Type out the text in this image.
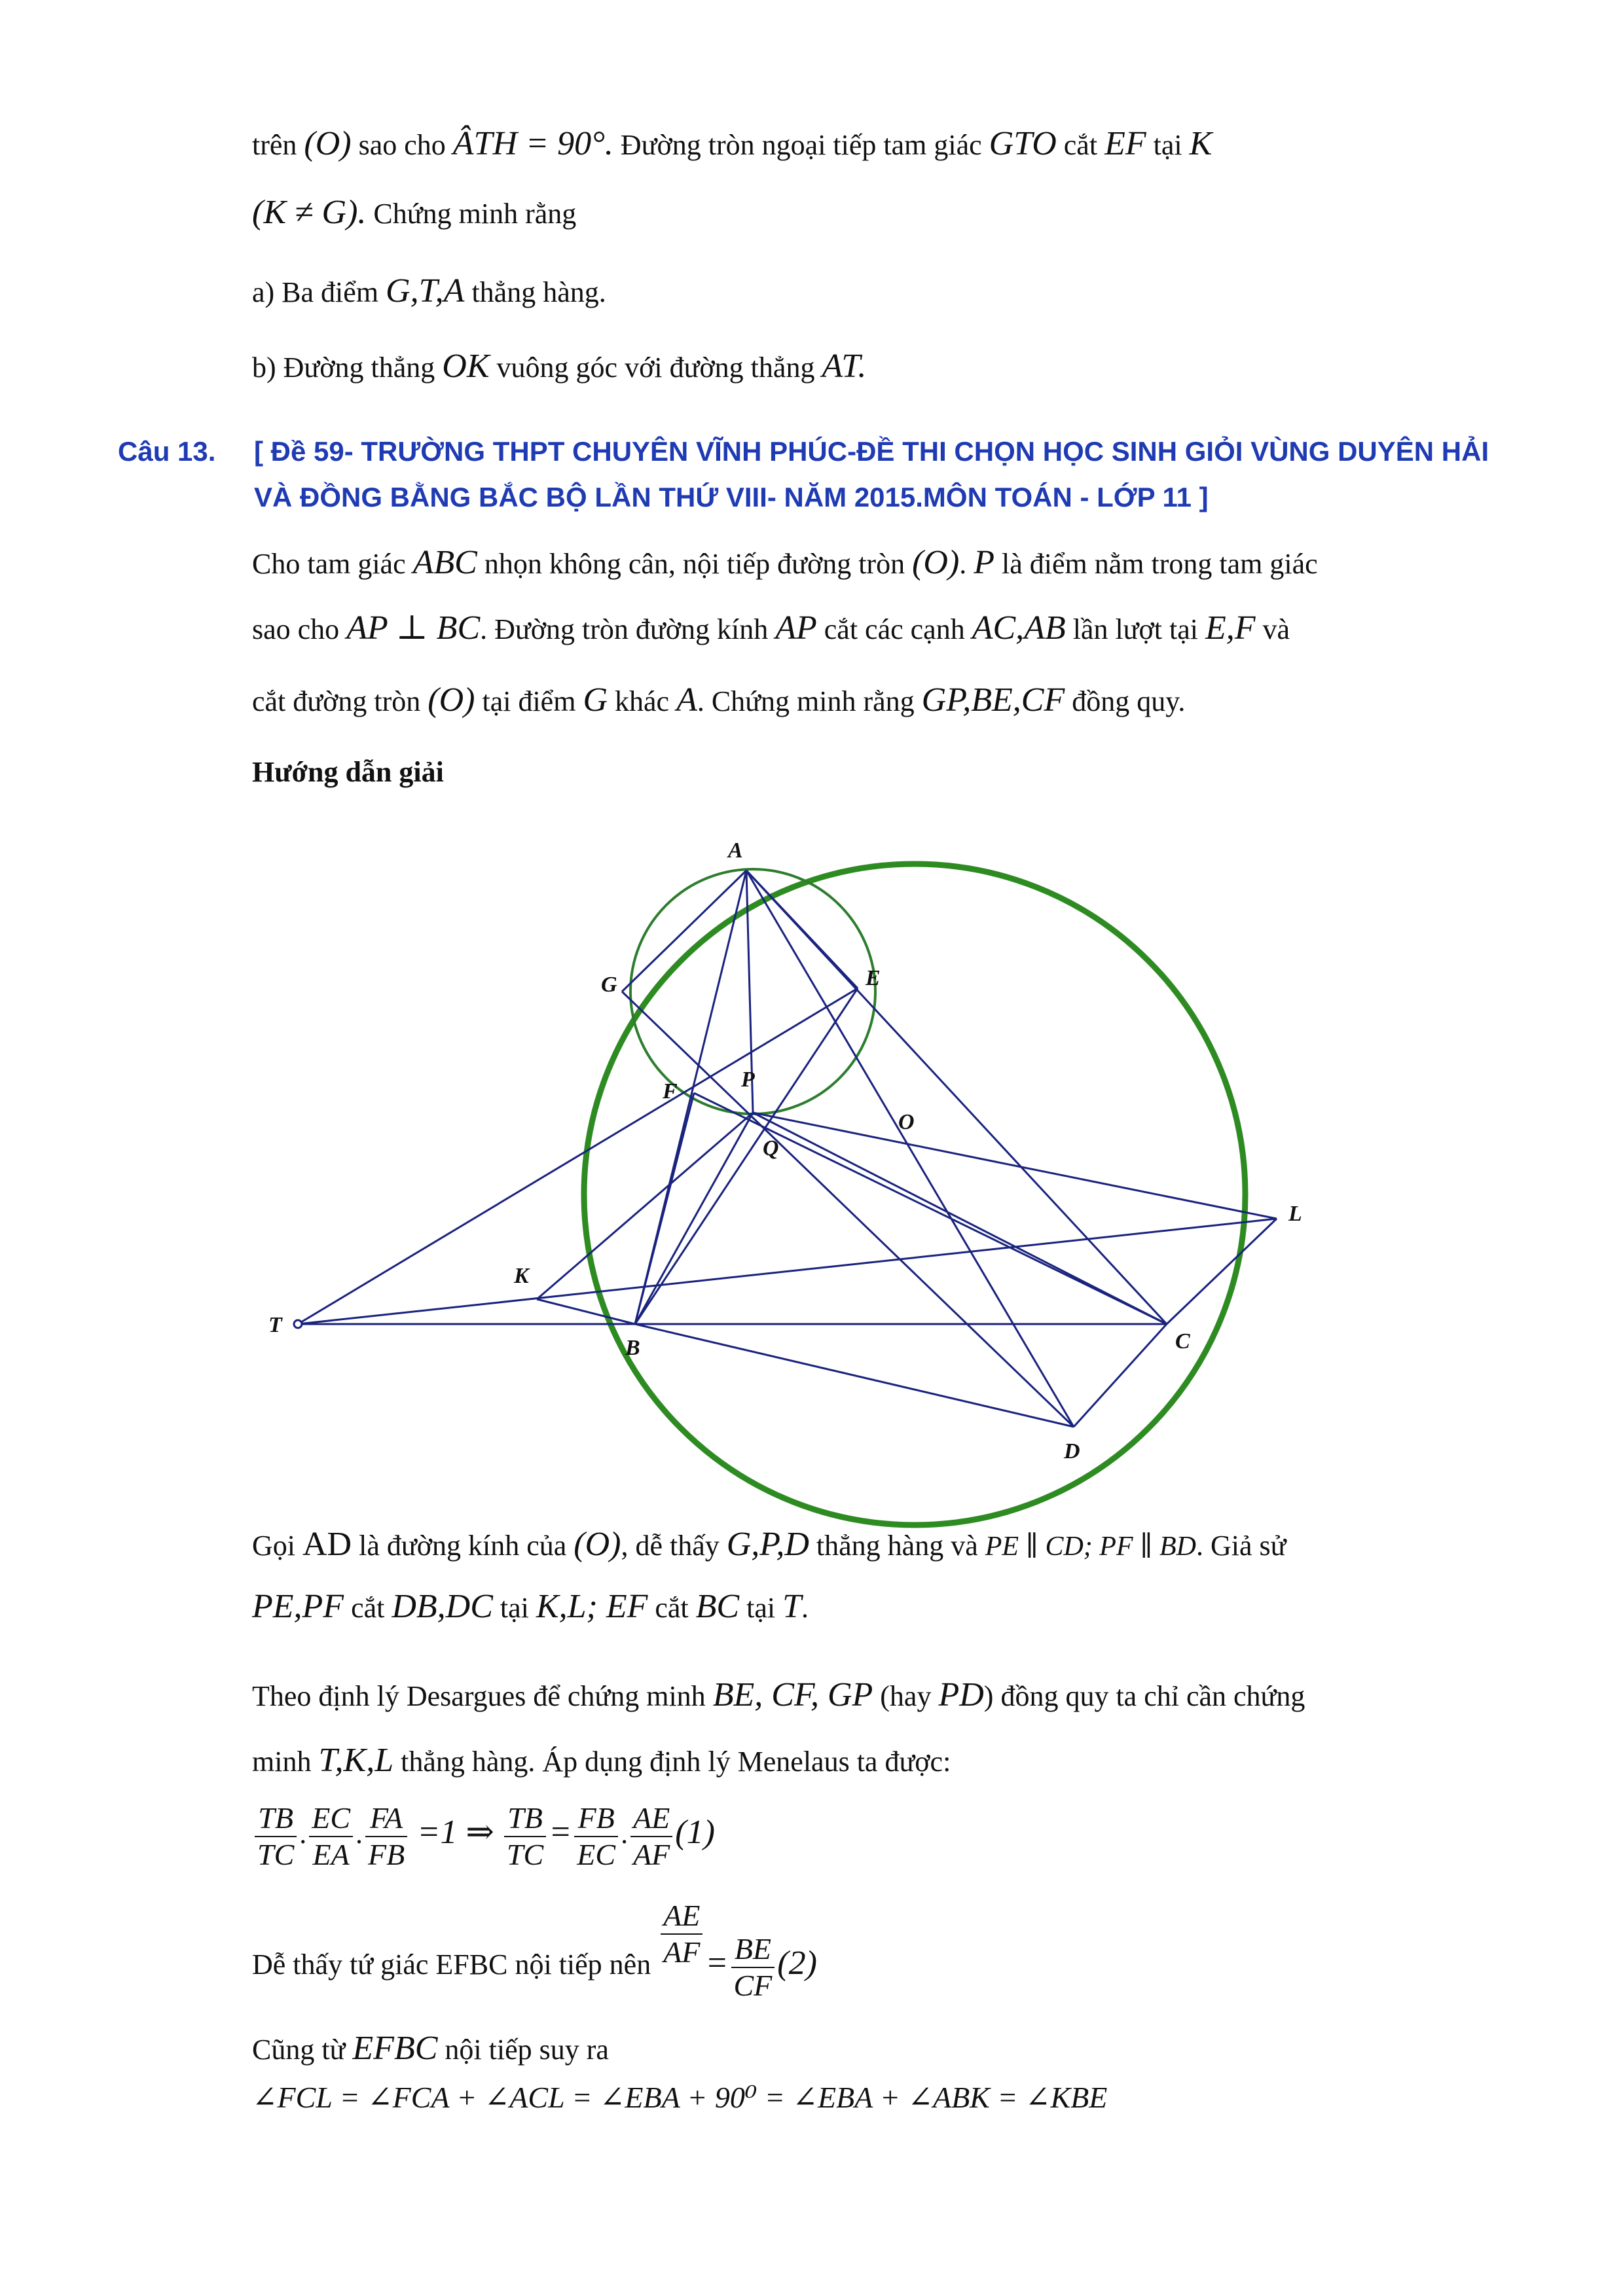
trên (O) sao cho ÂTH = 90°. Đường tròn ngoại tiếp tam giác GTO cắt EF tại K
(K ≠ G). Chứng minh rằng
a) Ba điểm G,T,A thẳng hàng.
b) Đường thẳng OK vuông góc với đường thẳng AT.
Câu 13. [ Đề 59- TRƯỜNG THPT CHUYÊN VĨNH PHÚC-ĐỀ THI CHỌN HỌC SINH GIỎI VÙNG DUYÊN HẢI
VÀ ĐỒNG BẰNG BẮC BỘ LẦN THỨ VIII- NĂM 2015.MÔN TOÁN - LỚP 11 ]
Cho tam giác ABC nhọn không cân, nội tiếp đường tròn (O). P là điểm nằm trong tam giác
sao cho AP ⊥ BC. Đường tròn đường kính AP cắt các cạnh AC,AB lần lượt tại E,F và
cắt đường tròn (O) tại điểm G khác A. Chứng minh rằng GP,BE,CF đồng quy.
Hướng dẫn giải
A
G	E
F	P
O
Q
L
K
T
B	C
D
Gọi AD là đường kính của (O), dễ thấy G,P,D thẳng hàng và PE ∥ CD; PF ∥ BD. Giả sử
PE,PF cắt DB,DC tại K,L; EF cắt BC tại T.
Theo định lý Desargues để chứng minh BE, CF, GP (hay PD) đồng quy ta chỉ cần chứng
minh T,K,L thẳng hàng. Áp dụng định lý Menelaus ta được:
$\frac{TB}{TC}$ . $\frac{EC}{EA}$ . $\frac{FA}{FB} =1$ ⇒ $\frac{TB}{TC} = \frac{FB}{EC}$ . $\frac{AE}{AF} (1)$
Dễ thấy tứ giác EFBC nội tiếp nên $\frac{AE}{AF} = \frac{BE}{CF} (2)$
Cũng từ EFBC nội tiếp suy ra
∠FCL = ∠FCA + ∠ACL = ∠EBA + 90⁰ = ∠EBA + ∠ABK = ∠KBE
